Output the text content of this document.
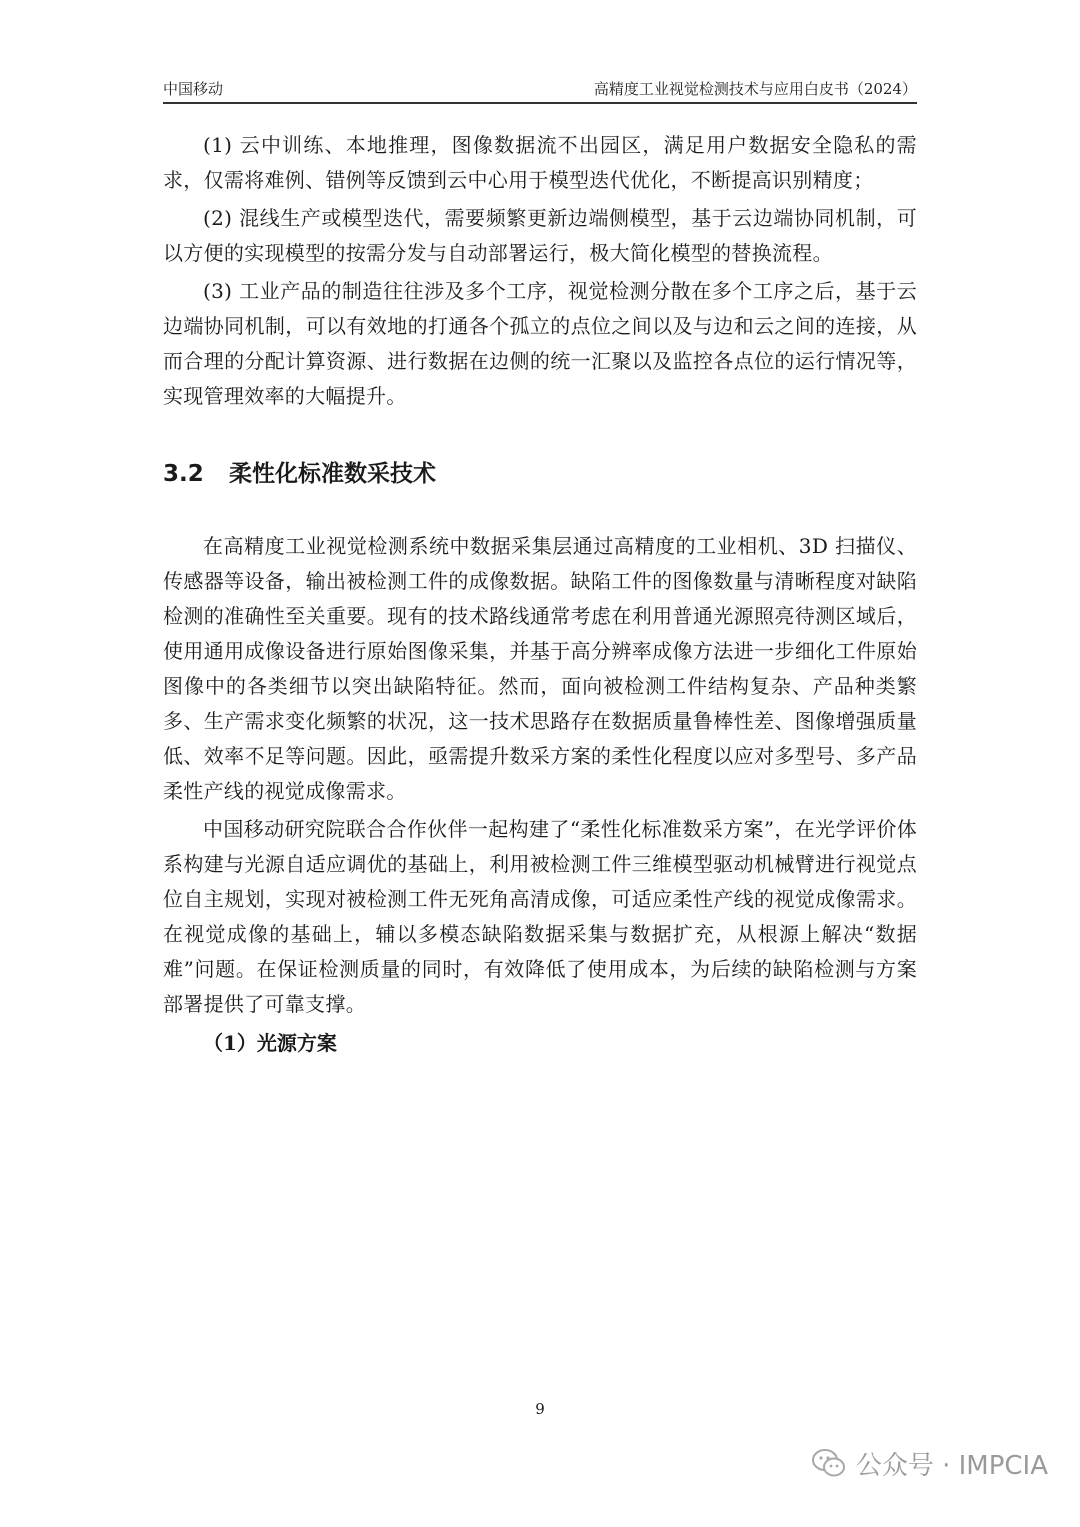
中国移动	高精度工业视觉检测技术与应用白皮书（2024）

(1) 云中训练、本地推理，图像数据流不出园区，满足用户数据安全隐私的需求，仅需将难例、错例等反馈到云中心用于模型迭代优化，不断提高识别精度；

(2) 混线生产或模型迭代，需要频繁更新边端侧模型，基于云边端协同机制，可以方便的实现模型的按需分发与自动部署运行，极大简化模型的替换流程。

(3) 工业产品的制造往往涉及多个工序，视觉检测分散在多个工序之后，基于云边端协同机制，可以有效地的打通各个孤立的点位之间以及与边和云之间的连接，从而合理的分配计算资源、进行数据在边侧的统一汇聚以及监控各点位的运行情况等，实现管理效率的大幅提升。

3.2 柔性化标准数采技术

在高精度工业视觉检测系统中数据采集层通过高精度的工业相机、3D 扫描仪、传感器等设备，输出被检测工件的成像数据。缺陷工件的图像数量与清晰程度对缺陷检测的准确性至关重要。现有的技术路线通常考虑在利用普通光源照亮待测区域后，使用通用成像设备进行原始图像采集，并基于高分辨率成像方法进一步细化工件原始图像中的各类细节以突出缺陷特征。然而，面向被检测工件结构复杂、产品种类繁多、生产需求变化频繁的状况，这一技术思路存在数据质量鲁棒性差、图像增强质量低、效率不足等问题。因此，亟需提升数采方案的柔性化程度以应对多型号、多产品柔性产线的视觉成像需求。

中国移动研究院联合合作伙伴一起构建了“柔性化标准数采方案”，在光学评价体系构建与光源自适应调优的基础上，利用被检测工件三维模型驱动机械臂进行视觉点位自主规划，实现对被检测工件无死角高清成像，可适应柔性产线的视觉成像需求。在视觉成像的基础上，辅以多模态缺陷数据采集与数据扩充，从根源上解决“数据难”问题。在保证检测质量的同时，有效降低了使用成本，为后续的缺陷检测与方案部署提供了可靠支撑。

（1）光源方案

9
公众号 · IMPCIA
